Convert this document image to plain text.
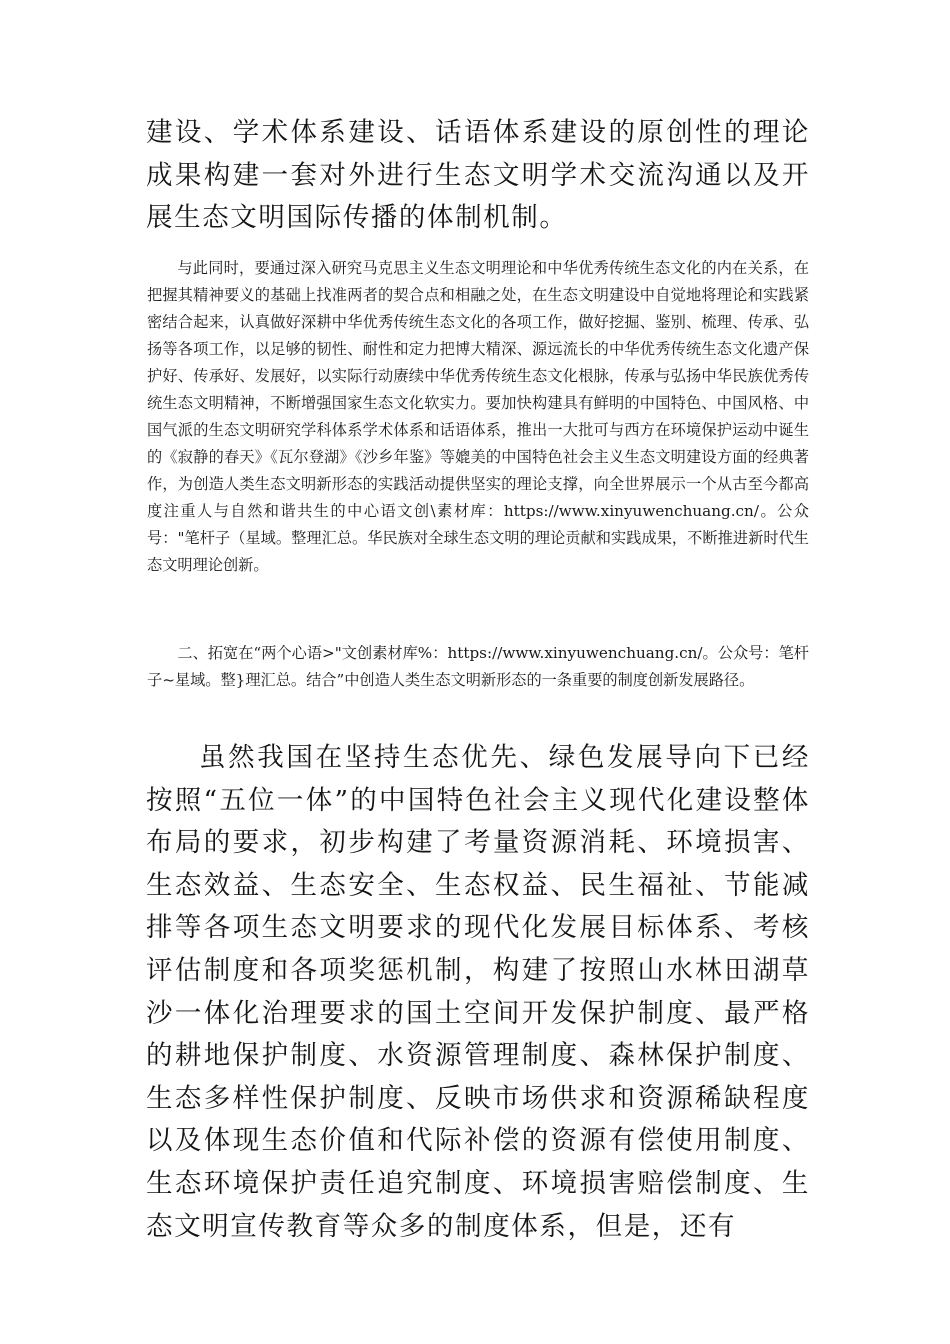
建设、学术体系建设、话语体系建设的原创性的理论成果构建一套对外进行生态文明学术交流沟通以及开展生态文明国际传播的体制机制。

与此同时，要通过深入研究马克思主义生态文明理论和中华优秀传统生态文化的内在关系，在把握其精神要义的基础上找准两者的契合点和相融之处，在生态文明建设中自觉地将理论和实践紧密结合起来，认真做好深耕中华优秀传统生态文化的各项工作，做好挖掘、鉴别、梳理、传承、弘扬等各项工作，以足够的韧性、耐性和定力把博大精深、源远流长的中华优秀传统生态文化遗产保护好、传承好、发展好，以实际行动赓续中华优秀传统生态文化根脉，传承与弘扬中华民族优秀传统生态文明精神，不断增强国家生态文化软实力。要加快构建具有鲜明的中国特色、中国风格、中国气派的生态文明研究学科体系学术体系和话语体系，推出一大批可与西方在环境保护运动中诞生的《寂静的春天》《瓦尔登湖》《沙乡年鉴》等媲美的中国特色社会主义生态文明建设方面的经典著作，为创造人类生态文明新形态的实践活动提供坚实的理论支撑，向全世界展示一个从古至今都高度注重人与自然和谐共生的中心语文创\素材库：https://www.xinyuwenchuang.cn/。公众号："笔杆子（星域。整理汇总。华民族对全球生态文明的理论贡献和实践成果，不断推进新时代生态文明理论创新。

二、拓宽在“两个心语>"文创素材库%：https://www.xinyuwenchuang.cn/。公众号：笔杆子~星域。整}理汇总。结合”中创造人类生态文明新形态的一条重要的制度创新发展路径。

虽然我国在坚持生态优先、绿色发展导向下已经按照“五位一体”的中国特色社会主义现代化建设整体布局的要求，初步构建了考量资源消耗、环境损害、生态效益、生态安全、生态权益、民生福祉、节能减排等各项生态文明要求的现代化发展目标体系、考核评估制度和各项奖惩机制，构建了按照山水林田湖草沙一体化治理要求的国土空间开发保护制度、最严格的耕地保护制度、水资源管理制度、森林保护制度、生态多样性保护制度、反映市场供求和资源稀缺程度以及体现生态价值和代际补偿的资源有偿使用制度、生态环境保护责任追究制度、环境损害赔偿制度、生态文明宣传教育等众多的制度体系，但是，还有
